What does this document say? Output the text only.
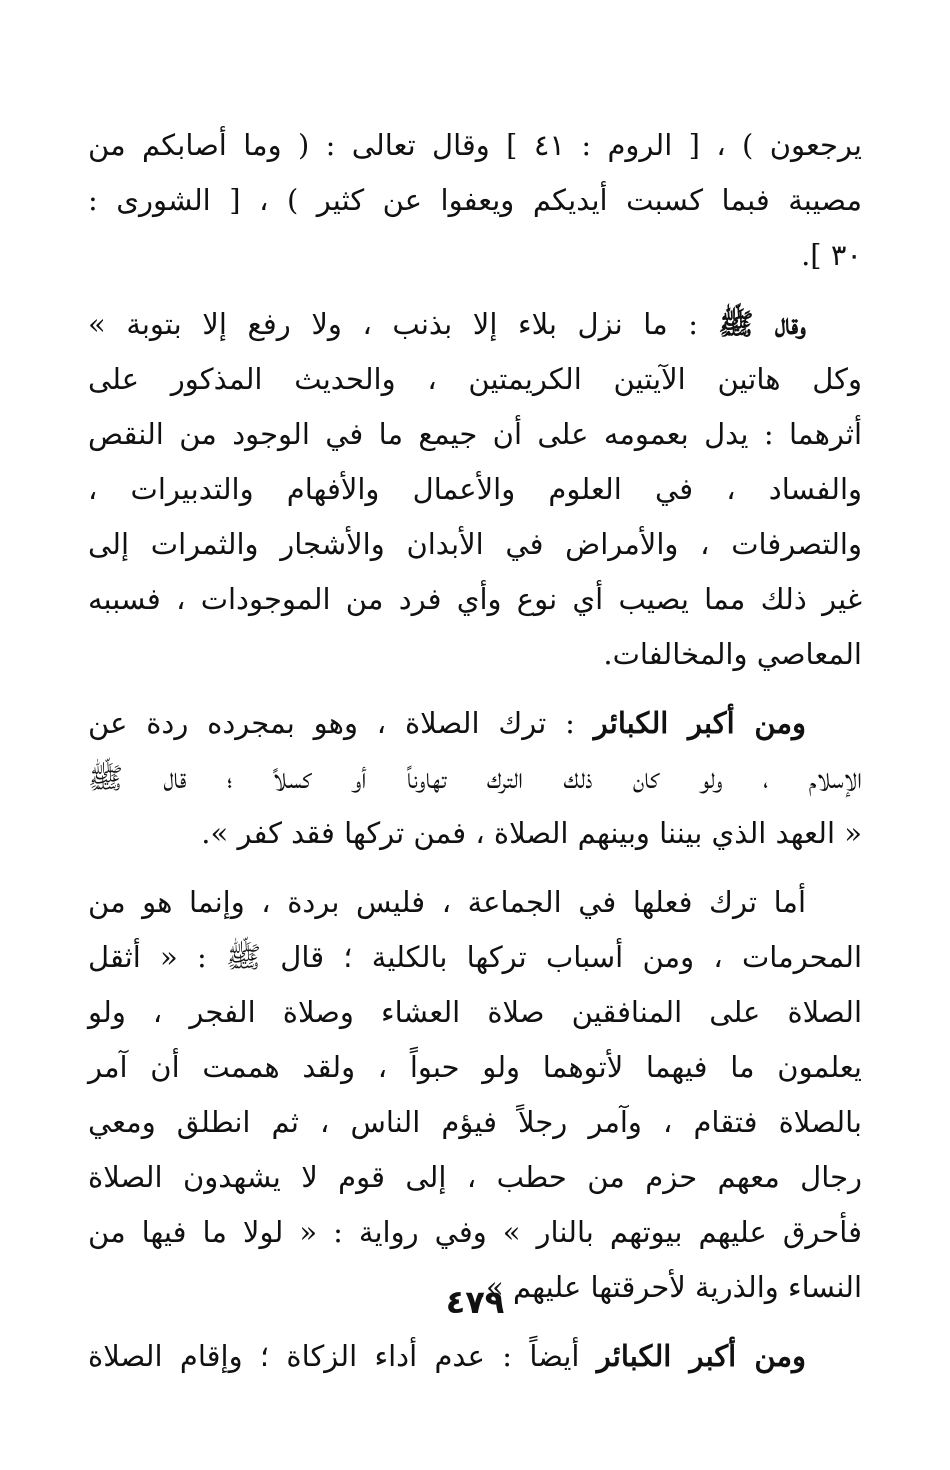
يرجعون ) ، [ الروم : ٤١ ] وقال تعالى : ( وما أصابكم من
مصيبة فبما كسبت أيديكم ويعفوا عن كثير ) ، [ الشورى :
٣٠ ].

وقال ﷺ : ما نزل بلاء إلا بذنب ، ولا رفع إلا بتوبة »
وكل هاتين الآيتين الكريمتين ، والحديث المذكور على
أثرهما : يدل بعمومه على أن جيمع ما في الوجود من النقص
والفساد ، في العلوم والأعمال والأفهام والتدبيرات ،
والتصرفات ، والأمراض في الأبدان والأشجار والثمرات إلى
غير ذلك مما يصيب أي نوع وأي فرد من الموجودات ، فسببه
المعاصي والمخالفات.

ومن أكبر الكبائر : ترك الصلاة ، وهو بمجرده ردة عن
الإسلام ، ولو كان ذلك الترك تهاوناً أو كسلاً ؛ قال ﷺ
« العهد الذي بيننا وبينهم الصلاة ، فمن تركها فقد كفر ».

أما ترك فعلها في الجماعة ، فليس بردة ، وإنما هو من
المحرمات ، ومن أسباب تركها بالكلية ؛ قال ﷺ : « أثقل
الصلاة على المنافقين صلاة العشاء وصلاة الفجر ، ولو
يعلمون ما فيهما لأتوهما ولو حبواً ، ولقد هممت أن آمر
بالصلاة فتقام ، وآمر رجلاً فيؤم الناس ، ثم انطلق ومعي
رجال معهم حزم من حطب ، إلى قوم لا يشهدون الصلاة
فأحرق عليهم بيوتهم بالنار » وفي رواية : « لولا ما فيها من
النساء والذرية لأحرقتها عليهم ».

ومن أكبر الكبائر أيضاً : عدم أداء الزكاة ؛ وإقام الصلاة

٤٧٩
